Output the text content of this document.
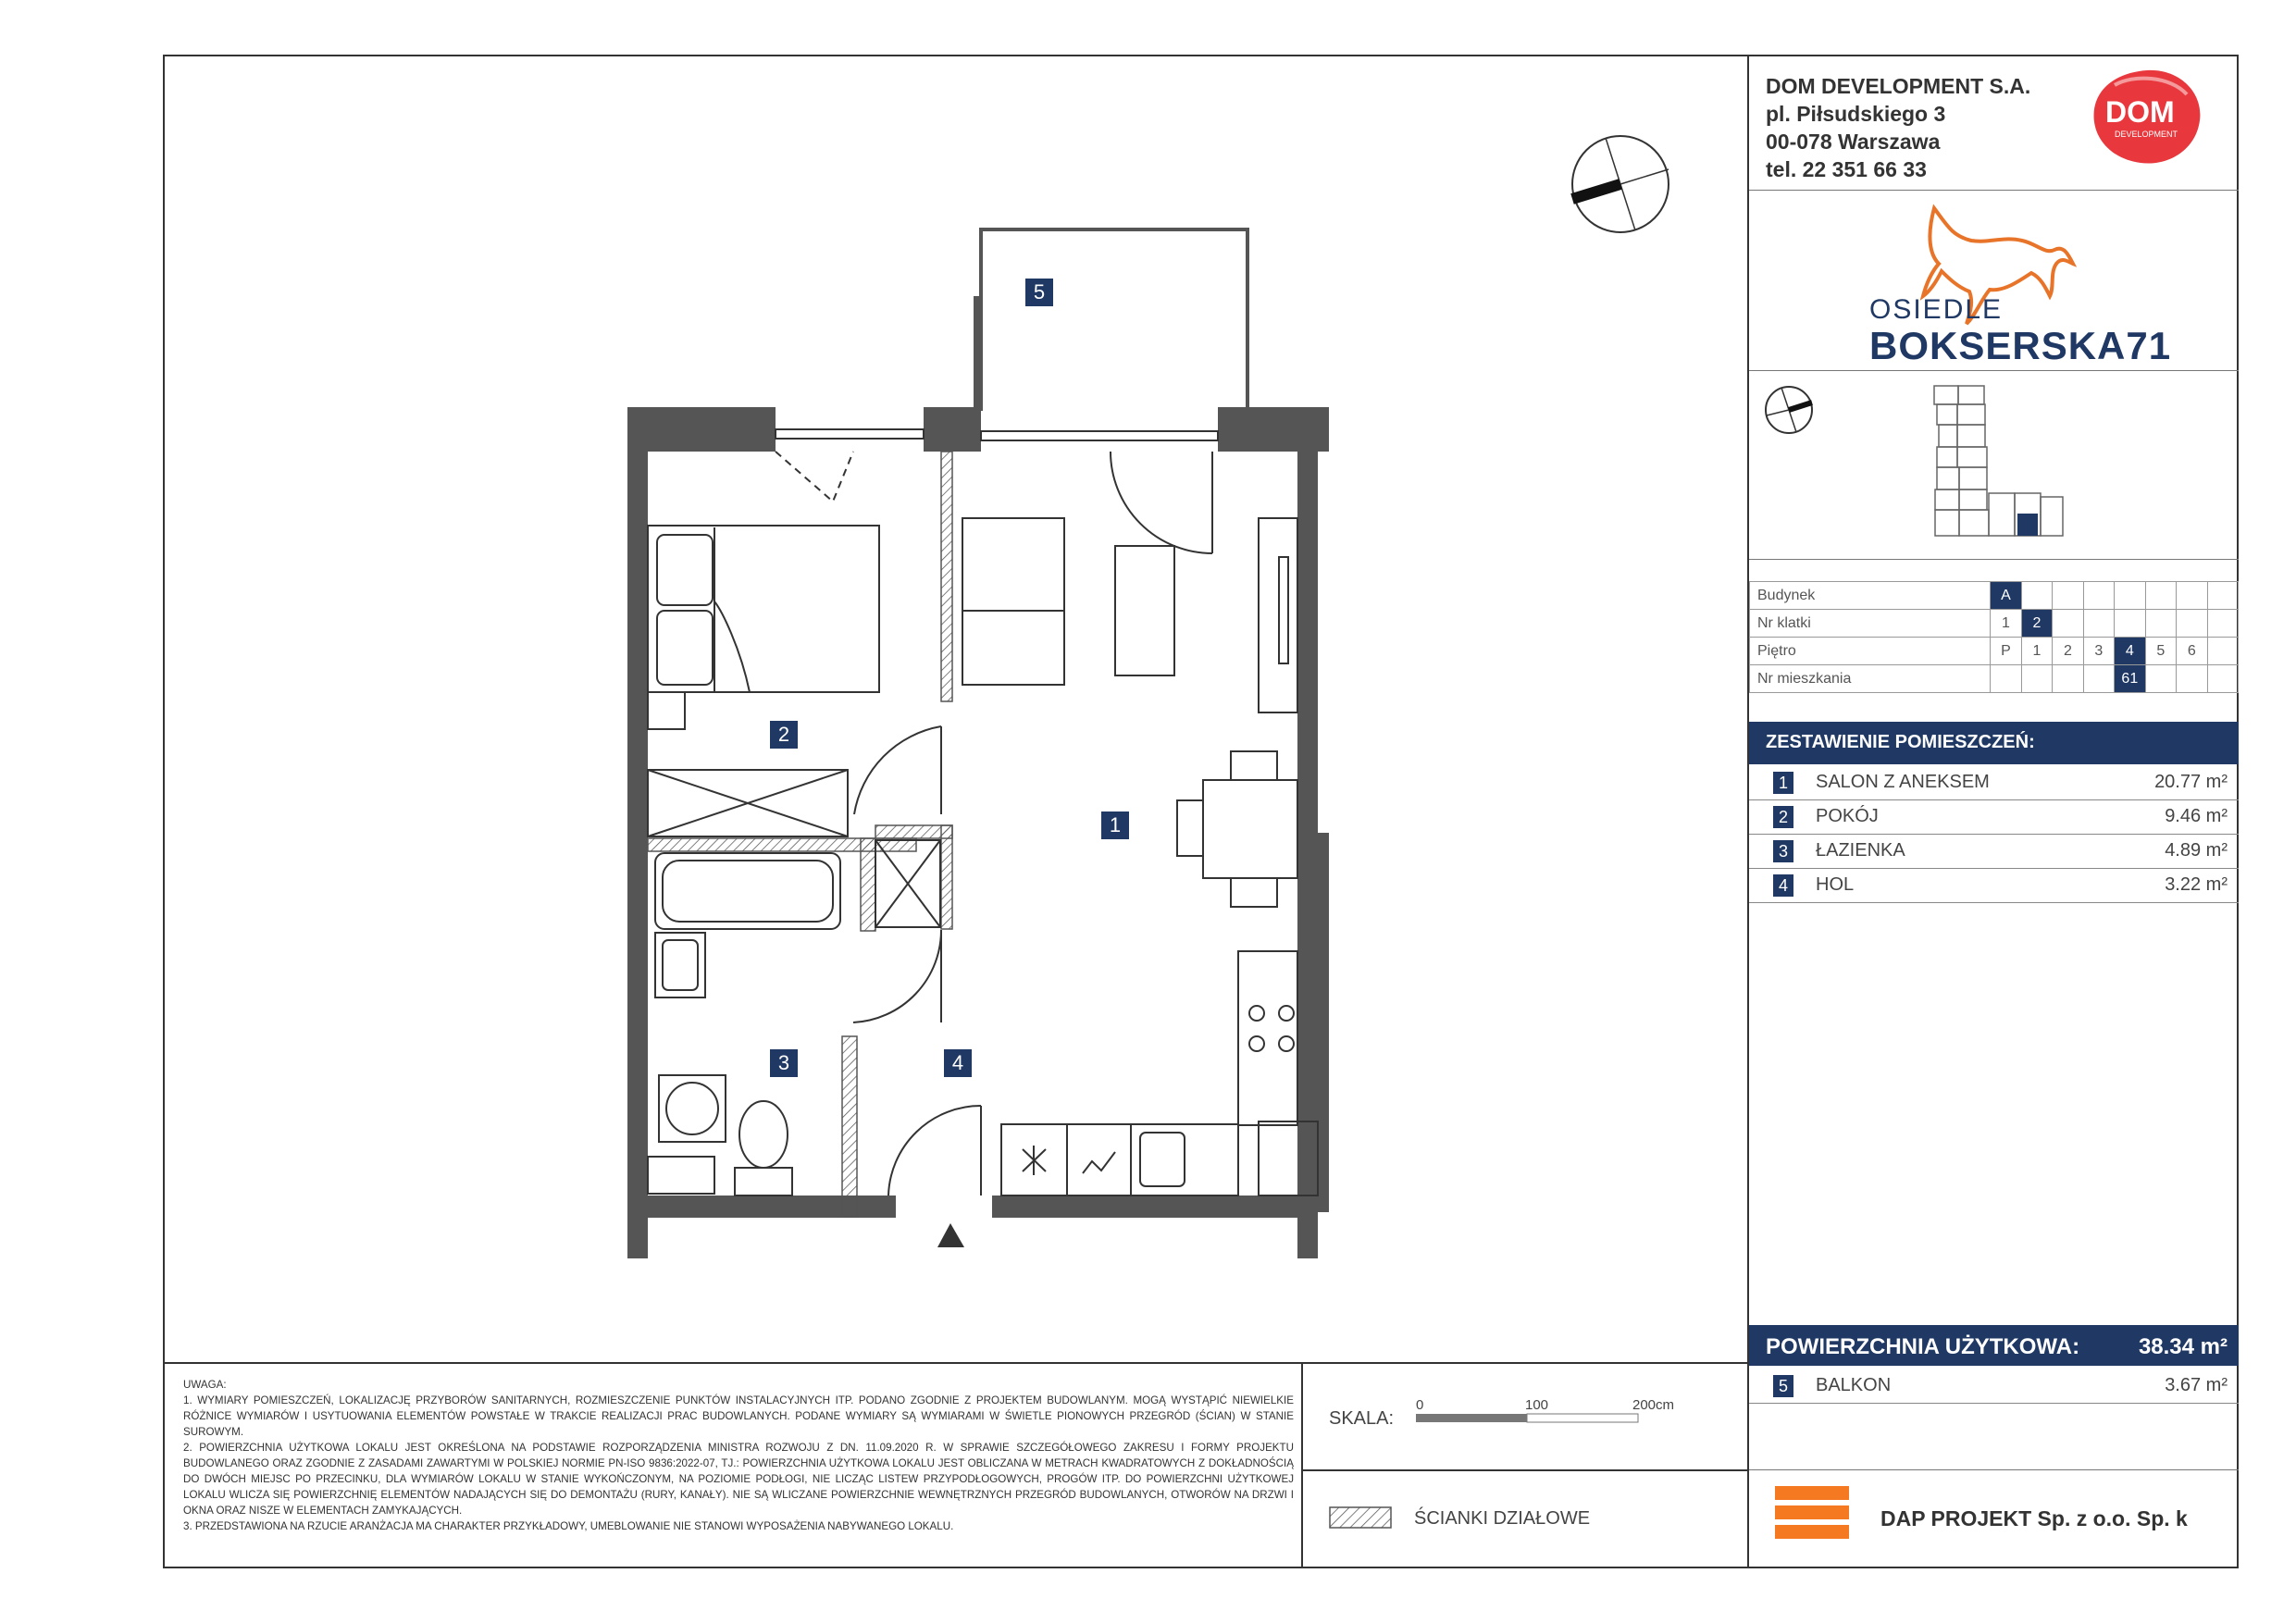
DOM DEVELOPMENT S.A.
pl. Piłsudskiego 3
00-078 Warszawa
tel. 22 351 66 33
DOM
DEVELOPMENT
OSIEDLE
BOKSERSKA71
Budynek	A							
Nr klatki	1	2						
Piętro	P	1	2	3	4	5	6	
Nr mieszkania					61			
ZESTAWIENIE POMIESZCZEŃ:
1	SALON Z ANEKSEM	20.77 m²
2	POKÓJ	9.46 m²
3	ŁAZIENKA	4.89 m²
4	HOL	3.22 m²
POWIERZCHNIA UŻYTKOWA:	38.34 m²
5	BALKON	3.67 m²
DAP PROJEKT Sp. z o.o. Sp. k
SKALA:
0	100	200cm
ŚCIANKI DZIAŁOWE

UWAGA:

1. WYMIARY POMIESZCZEŃ, LOKALIZACJĘ PRZYBORÓW SANITARNYCH, ROZMIESZCZENIE PUNKTÓW INSTALACYJNYCH ITP. PODANO ZGODNIE Z PROJEKTEM BUDOWLANYM. MOGĄ WYSTĄPIĆ NIEWIELKIE RÓŻNICE WYMIARÓW I USYTUOWANIA ELEMENTÓW POWSTAŁE W TRAKCIE REALIZACJI PRAC BUDOWLANYCH. PODANE WYMIARY SĄ WYMIARAMI W ŚWIETLE PIONOWYCH PRZEGRÓD (ŚCIAN) W STANIE SUROWYM.

2. POWIERZCHNIA UŻYTKOWA LOKALU JEST OKREŚLONA NA PODSTAWIE ROZPORZĄDZENIA MINISTRA ROZWOJU Z DN. 11.09.2020 R. W SPRAWIE SZCZEGÓŁOWEGO ZAKRESU I FORMY PROJEKTU BUDOWLANEGO ORAZ ZGODNIE Z ZASADAMI ZAWARTYMI W POLSKIEJ NORMIE PN-ISO 9836:2022-07, TJ.: POWIERZCHNIA UŻYTKOWA LOKALU JEST OBLICZANA W METRACH KWADRATOWYCH Z DOKŁADNOŚCIĄ DO DWÓCH MIEJSC PO PRZECINKU, DLA WYMIARÓW LOKALU W STANIE WYKOŃCZONYM, NA POZIOMIE PODŁOGI, NIE LICZĄC LISTEW PRZYPODŁOGOWYCH, PROGÓW ITP. DO POWIERZCHNI UŻYTKOWEJ LOKALU WLICZA SIĘ POWIERZCHNIĘ ELEMENTÓW NADAJĄCYCH SIĘ DO DEMONTAŻU (RURY, KANAŁY). NIE SĄ WLICZANE POWIERZCHNIE WEWNĘTRZNYCH PRZEGRÓD BUDOWLANYCH, OTWORÓW NA DRZWI I OKNA ORAZ NISZE W ELEMENTACH ZAMYKAJĄCYCH.

3. PRZEDSTAWIONA NA RZUCIE ARANŻACJA MA CHARAKTER PRZYKŁADOWY, UMEBLOWANIE NIE STANOWI WYPOSAŻENIA NABYWANEGO LOKALU.

1
2
3	4
5
